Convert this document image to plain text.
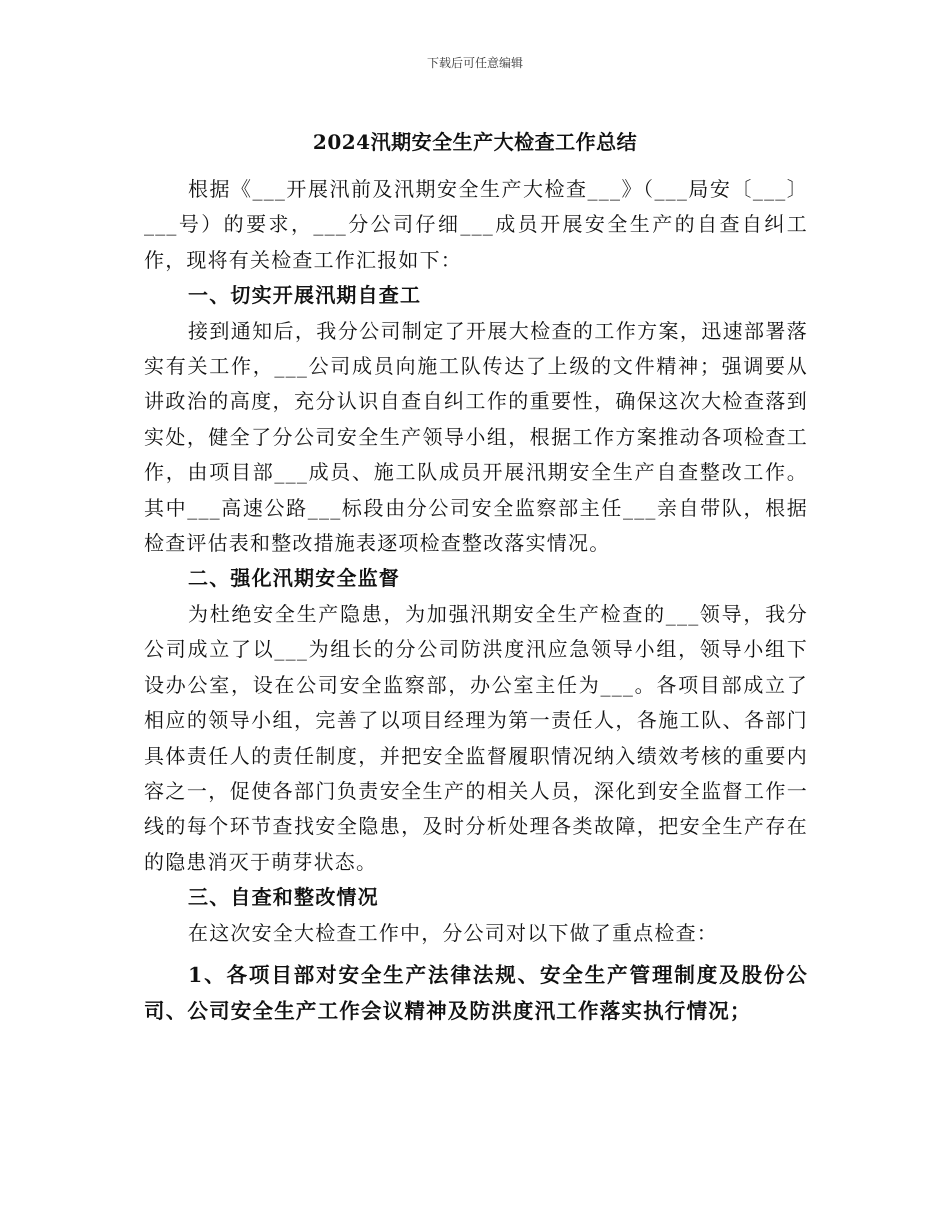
下载后可任意编辑
2024汛期安全生产大检查工作总结

根据《___开展汛前及汛期安全生产大检查___》（___局安〔___〕___号）的要求，___分公司仔细___成员开展安全生产的自查自纠工作，现将有关检查工作汇报如下：

一、切实开展汛期自查工

接到通知后，我分公司制定了开展大检查的工作方案，迅速部署落实有关工作，___公司成员向施工队传达了上级的文件精神；强调要从讲政治的高度，充分认识自查自纠工作的重要性，确保这次大检查落到实处，健全了分公司安全生产领导小组，根据工作方案推动各项检查工作，由项目部___成员、施工队成员开展汛期安全生产自查整改工作。其中___高速公路___标段由分公司安全监察部主任___亲自带队，根据检查评估表和整改措施表逐项检查整改落实情况。

二、强化汛期安全监督

为杜绝安全生产隐患，为加强汛期安全生产检查的___领导，我分公司成立了以___为组长的分公司防洪度汛应急领导小组，领导小组下设办公室，设在公司安全监察部，办公室主任为___。各项目部成立了相应的领导小组，完善了以项目经理为第一责任人，各施工队、各部门具体责任人的责任制度，并把安全监督履职情况纳入绩效考核的重要内容之一，促使各部门负责安全生产的相关人员，深化到安全监督工作一线的每个环节查找安全隐患，及时分析处理各类故障，把安全生产存在的隐患消灭于萌芽状态。

三、自查和整改情况

在这次安全大检查工作中，分公司对以下做了重点检查：

1、各项目部对安全生产法律法规、安全生产管理制度及股份公司、公司安全生产工作会议精神及防洪度汛工作落实执行情况；
